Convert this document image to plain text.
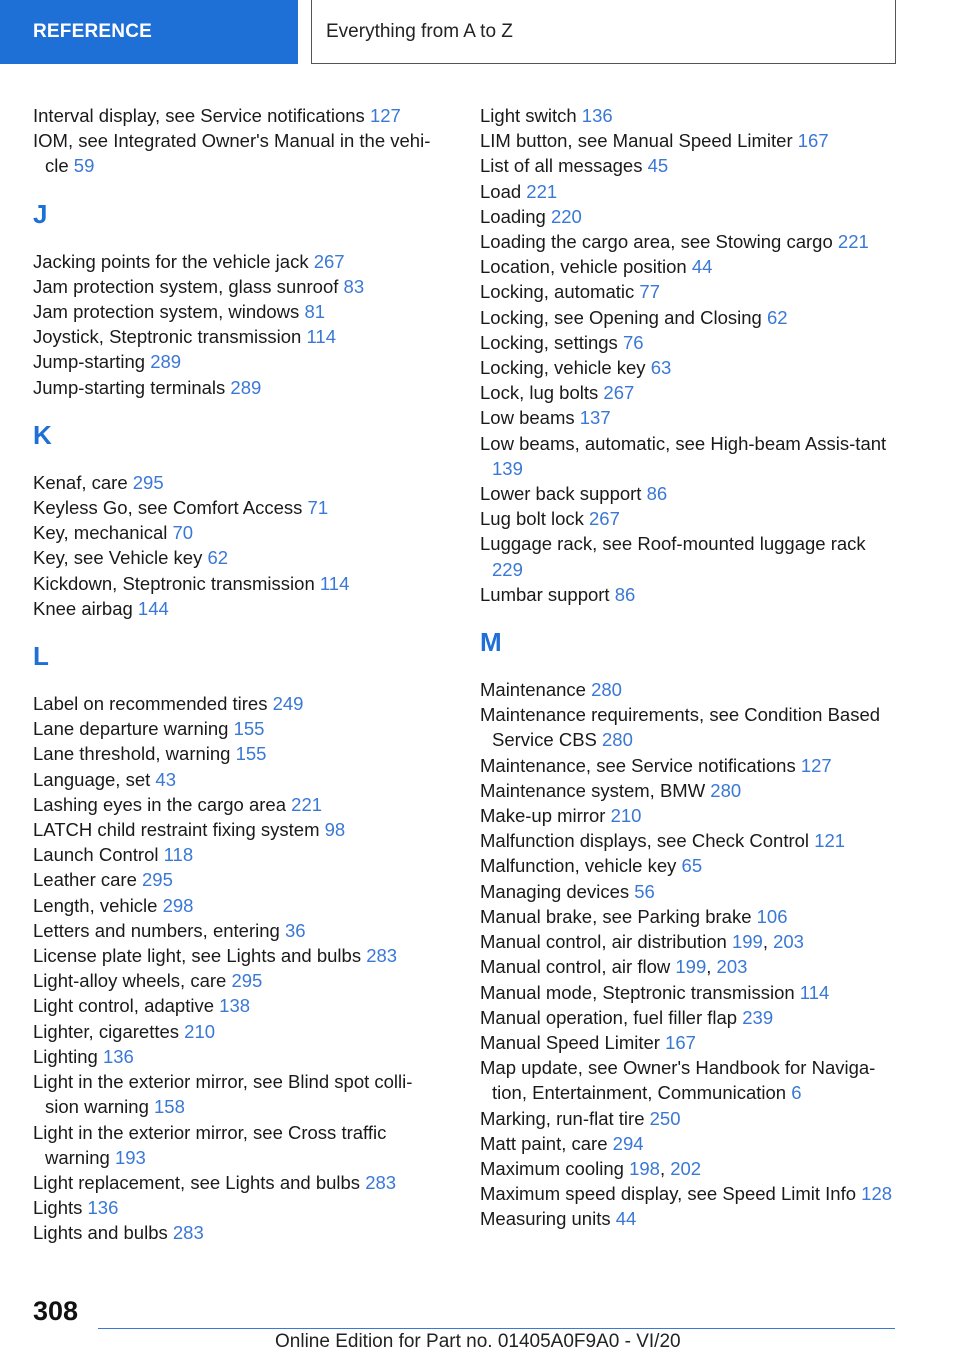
REFERENCE	Everything from A to Z
Interval display, see Service notifications 127
IOM, see Integrated Owner's Manual in the vehi‐cle 59
J
Jacking points for the vehicle jack 267
Jam protection system, glass sunroof 83
Jam protection system, windows 81
Joystick, Steptronic transmission 114
Jump-starting 289
Jump-starting terminals 289
K
Kenaf, care 295
Keyless Go, see Comfort Access 71
Key, mechanical 70
Key, see Vehicle key 62
Kickdown, Steptronic transmission 114
Knee airbag 144
L
Label on recommended tires 249
Lane departure warning 155
Lane threshold, warning 155
Language, set 43
Lashing eyes in the cargo area 221
LATCH child restraint fixing system 98
Launch Control 118
Leather care 295
Length, vehicle 298
Letters and numbers, entering 36
License plate light, see Lights and bulbs 283
Light-alloy wheels, care 295
Light control, adaptive 138
Lighter, cigarettes 210
Lighting 136
Light in the exterior mirror, see Blind spot colli‐sion warning 158
Light in the exterior mirror, see Cross traffic warning 193
Light replacement, see Lights and bulbs 283
Lights 136
Lights and bulbs 283
Light switch 136
LIM button, see Manual Speed Limiter 167
List of all messages 45
Load 221
Loading 220
Loading the cargo area, see Stowing cargo 221
Location, vehicle position 44
Locking, automatic 77
Locking, see Opening and Closing 62
Locking, settings 76
Locking, vehicle key 63
Lock, lug bolts 267
Low beams 137
Low beams, automatic, see High-beam Assis‐tant 139
Lower back support 86
Lug bolt lock 267
Luggage rack, see Roof-mounted luggage rack 229
Lumbar support 86
M
Maintenance 280
Maintenance requirements, see Condition Based Service CBS 280
Maintenance, see Service notifications 127
Maintenance system, BMW 280
Make-up mirror 210
Malfunction displays, see Check Control 121
Malfunction, vehicle key 65
Managing devices 56
Manual brake, see Parking brake 106
Manual control, air distribution 199, 203
Manual control, air flow 199, 203
Manual mode, Steptronic transmission 114
Manual operation, fuel filler flap 239
Manual Speed Limiter 167
Map update, see Owner's Handbook for Naviga‐tion, Entertainment, Communication 6
Marking, run-flat tire 250
Matt paint, care 294
Maximum cooling 198, 202
Maximum speed display, see Speed Limit Info 128
Measuring units 44
308
Online Edition for Part no. 01405A0F9A0 - VI/20
